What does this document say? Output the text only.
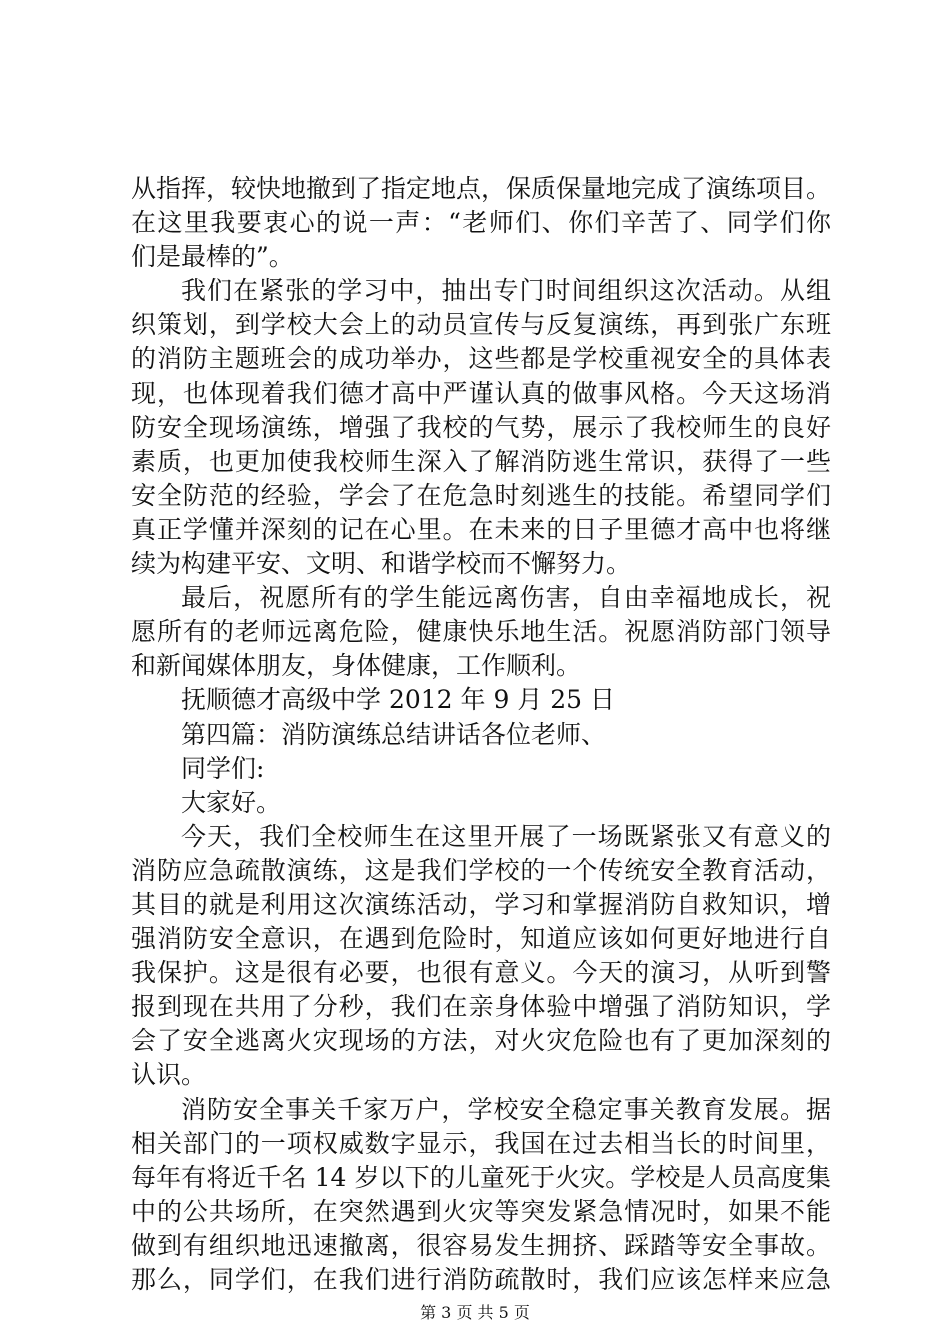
从指挥，较快地撤到了指定地点，保质保量地完成了演练项目。
在这里我要衷心的说一声：“老师们、你们辛苦了、同学们你
们是最棒的”。
我们在紧张的学习中，抽出专门时间组织这次活动。从组
织策划，到学校大会上的动员宣传与反复演练，再到张广东班
的消防主题班会的成功举办，这些都是学校重视安全的具体表
现，也体现着我们德才高中严谨认真的做事风格。今天这场消
防安全现场演练，增强了我校的气势，展示了我校师生的良好
素质，也更加使我校师生深入了解消防逃生常识，获得了一些
安全防范的经验，学会了在危急时刻逃生的技能。希望同学们
真正学懂并深刻的记在心里。在未来的日子里德才高中也将继
续为构建平安、文明、和谐学校而不懈努力。
最后，祝愿所有的学生能远离伤害，自由幸福地成长，祝
愿所有的老师远离危险，健康快乐地生活。祝愿消防部门领导
和新闻媒体朋友，身体健康，工作顺利。
抚顺德才高级中学 2012 年 9 月 25 日
第四篇：消防演练总结讲话各位老师、
同学们:
大家好。
今天，我们全校师生在这里开展了一场既紧张又有意义的
消防应急疏散演练，这是我们学校的一个传统安全教育活动，
其目的就是利用这次演练活动，学习和掌握消防自救知识，增
强消防安全意识，在遇到危险时，知道应该如何更好地进行自
我保护。这是很有必要，也很有意义。今天的演习，从听到警
报到现在共用了分秒，我们在亲身体验中增强了消防知识，学
会了安全逃离火灾现场的方法，对火灾危险也有了更加深刻的
认识。
消防安全事关千家万户，学校安全稳定事关教育发展。据
相关部门的一项权威数字显示，我国在过去相当长的时间里，
每年有将近千名 14 岁以下的儿童死于火灾。学校是人员高度集
中的公共场所，在突然遇到火灾等突发紧急情况时，如果不能
做到有组织地迅速撤离，很容易发生拥挤、踩踏等安全事故。
那么，同学们，在我们进行消防疏散时，我们应该怎样来应急
第 3 页 共 5 页
